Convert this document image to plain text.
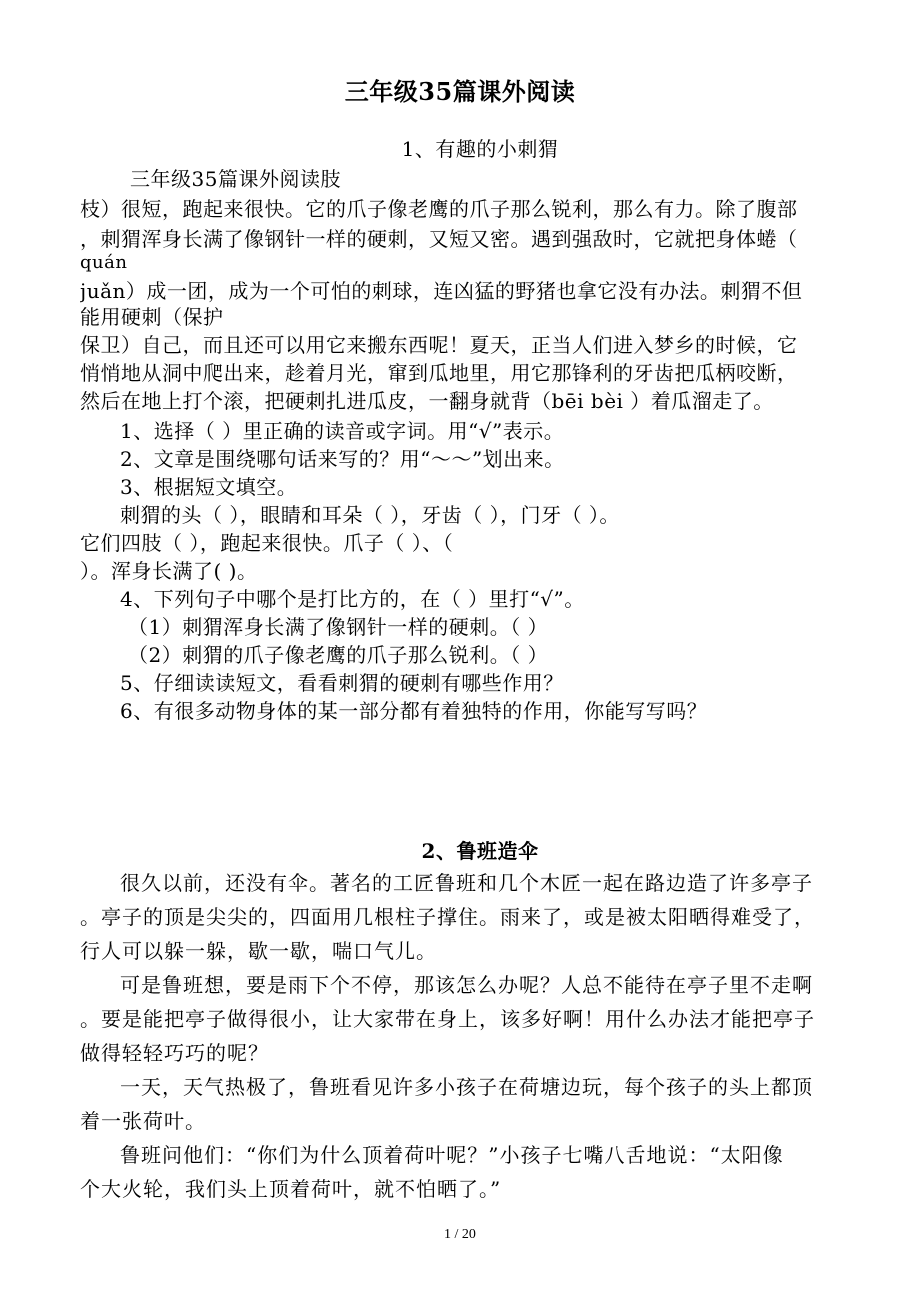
三年级35篇课外阅读
1、有趣的小刺猬
三年级35篇课外阅读肢
枝）很短，跑起来很快。它的爪子像老鹰的爪子那么锐利，那么有力。除了腹部
，刺猬浑身长满了像钢针一样的硬刺，又短又密。遇到强敌时，它就把身体蜷（
quán
juǎn）成一团，成为一个可怕的刺球，连凶猛的野猪也拿它没有办法。刺猬不但
能用硬刺（保护
保卫）自己，而且还可以用它来搬东西呢！夏天，正当人们进入梦乡的时候，它
悄悄地从洞中爬出来，趁着月光，窜到瓜地里，用它那锋利的牙齿把瓜柄咬断，
然后在地上打个滚，把硬刺扎进瓜皮，一翻身就背（bēi bèi ）着瓜溜走了。
1、选择（ ）里正确的读音或字词。用“√”表示。
2、文章是围绕哪句话来写的？用“～～”划出来。
3、根据短文填空。
刺猬的头（ ），眼睛和耳朵（ ），牙齿（ ），门牙（ ）。
它们四肢（ ），跑起来很快。爪子（ ）、（
）。浑身长满了( )。
4、下列句子中哪个是打比方的，在（ ）里打“√”。
（1）刺猬浑身长满了像钢针一样的硬刺。（ ）
（2）刺猬的爪子像老鹰的爪子那么锐利。（ ）
5、仔细读读短文，看看刺猬的硬刺有哪些作用？
6、有很多动物身体的某一部分都有着独特的作用，你能写写吗？
2、鲁班造伞
很久以前，还没有伞。著名的工匠鲁班和几个木匠一起在路边造了许多亭子
。亭子的顶是尖尖的，四面用几根柱子撑住。雨来了，或是被太阳晒得难受了，
行人可以躲一躲，歇一歇，喘口气儿。
可是鲁班想，要是雨下个不停，那该怎么办呢？人总不能待在亭子里不走啊
。要是能把亭子做得很小，让大家带在身上，该多好啊！用什么办法才能把亭子
做得轻轻巧巧的呢？
一天，天气热极了，鲁班看见许多小孩子在荷塘边玩，每个孩子的头上都顶
着一张荷叶。
鲁班问他们：“你们为什么顶着荷叶呢？”小孩子七嘴八舌地说：“太阳像
个大火轮，我们头上顶着荷叶，就不怕晒了。”
1 / 20
